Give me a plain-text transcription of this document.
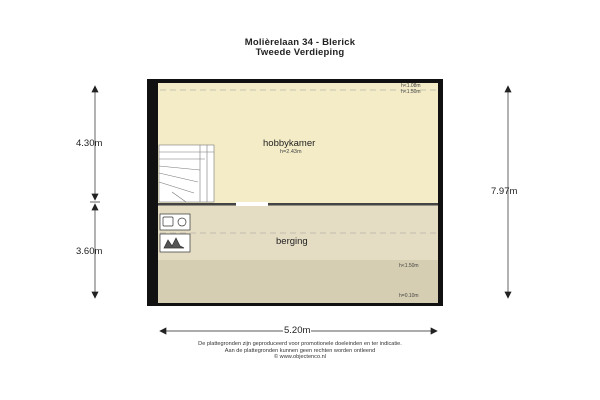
Molièrelaan 34 - Blerick
Tweede Verdieping
hobbykamer
h=2.43m
berging
h<1.08m
h<1.50m
h<1.50m
h=0.10m
4.30m
3.60m
7.97m
5.20m
De plattegronden zijn geproduceerd voor promotionele doeleinden en ter indicatie.
Aan de plattegronden kunnen geen rechten worden ontleend
© www.objectenco.nl
